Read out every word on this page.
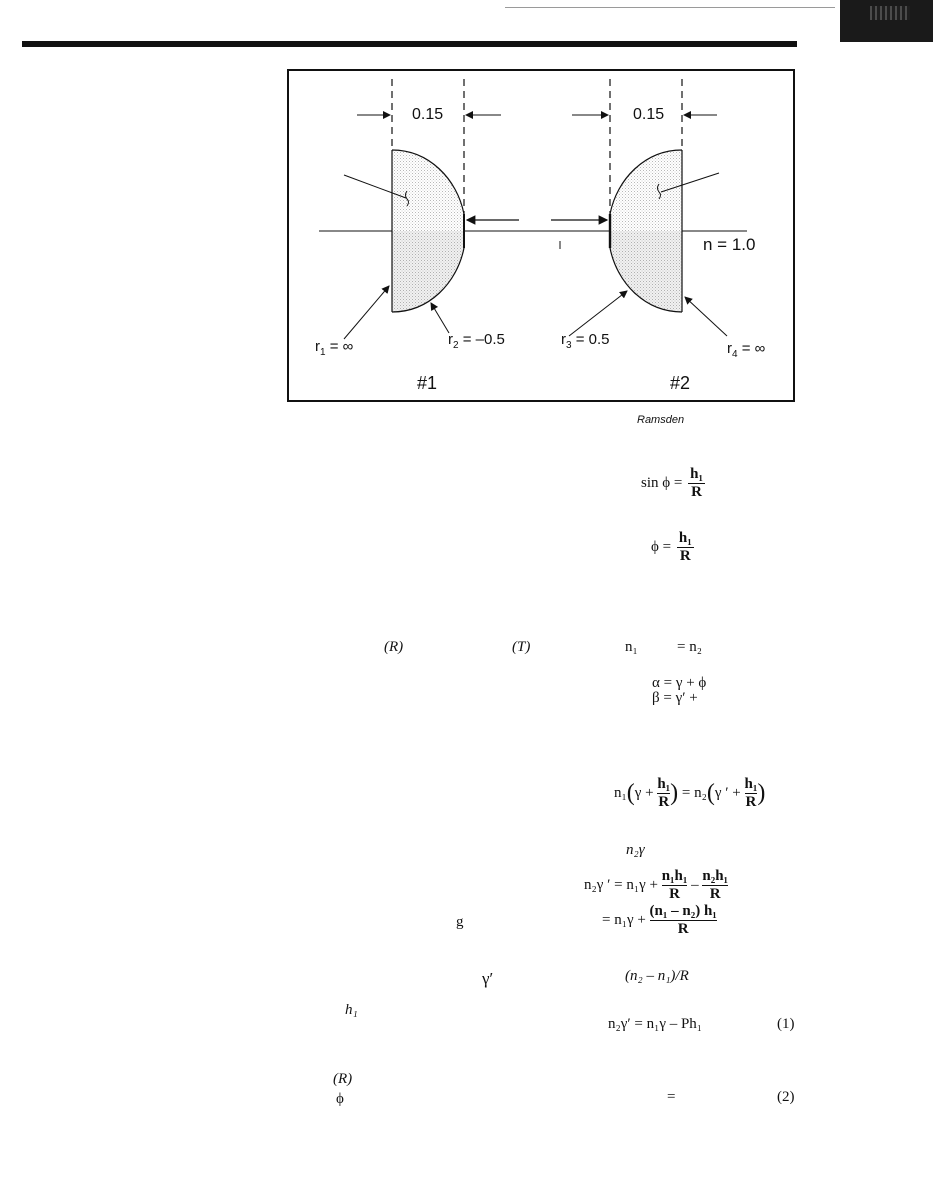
0.15	0.15
n = 1.0
$r_1$ = ∞	$r_2 = -0.5$	$r_3 = 0.5$
$r_4$ = ∞
#1	#2
Ramsden
$\sin \phi = \frac{\text{h₁}}{R}$
$\phi = \frac{\text{h₁}}{R}$
(R)	(T)	n₁	= n₂
α = γ + ϕ
β = γ′ +
$n_1(\gamma + \frac{\text{h₁}}{R}$ ) = n₂(γ ′ + $\frac{\text{h₁}}{R}$ )
n₂γ
n₂γ ′ = $n_1\gamma + \frac{\text{n₁h₁}}{R} - \frac{\text{n₂h₁}}{R}$
g	= $n_1\gamma + \frac{\text{(n₁ – n₂) h₁}}{R}$
γ′	(n₂ – n₁)/R
h₁
n₂γ′ = n₁γ – Ph₁	(1)
(R)
ϕ	=	(2)
